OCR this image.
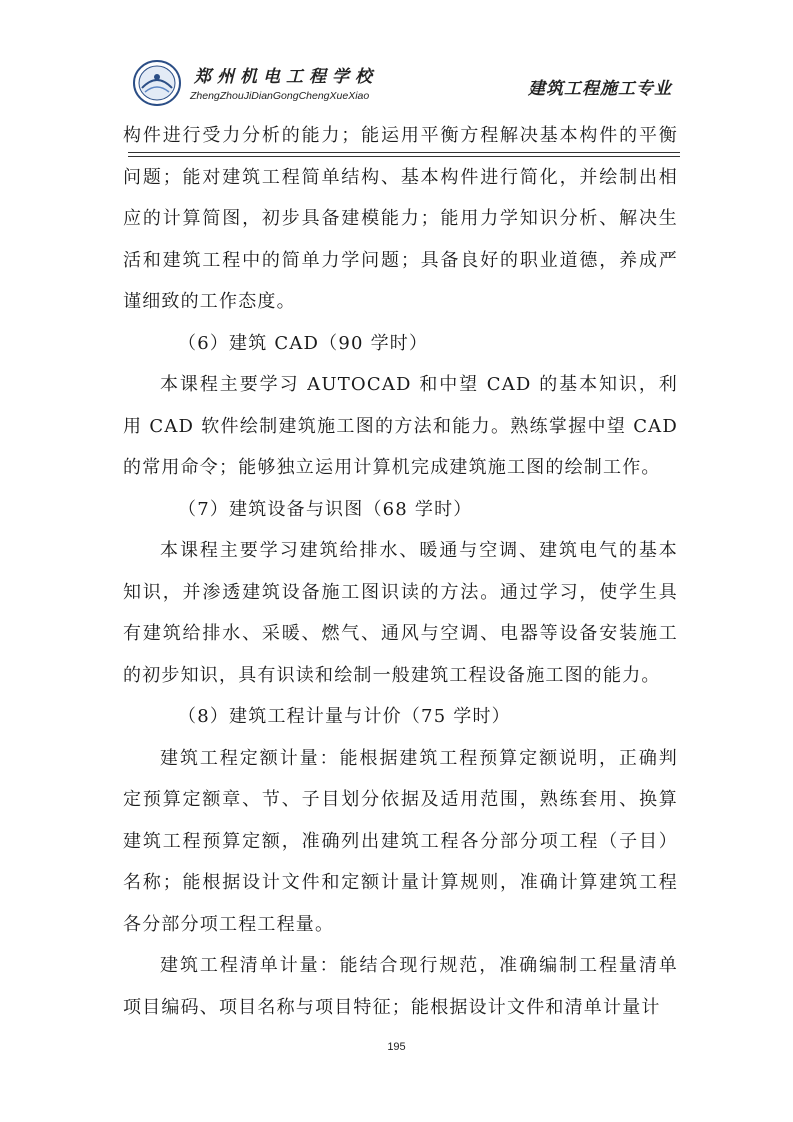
郑州机电工程学校
ZhengZhouJiDianGongChengXueXiao	建筑工程施工专业

构件进行受力分析的能力；能运用平衡方程解决基本构件的平衡问题；能对建筑工程简单结构、基本构件进行简化，并绘制出相应的计算简图，初步具备建模能力；能用力学知识分析、解决生活和建筑工程中的简单力学问题；具备良好的职业道德，养成严谨细致的工作态度。

（6）建筑 CAD（90 学时）

本课程主要学习 AUTOCAD 和中望 CAD 的基本知识，利用 CAD 软件绘制建筑施工图的方法和能力。熟练掌握中望 CAD 的常用命令；能够独立运用计算机完成建筑施工图的绘制工作。

（7）建筑设备与识图（68 学时）

本课程主要学习建筑给排水、暖通与空调、建筑电气的基本知识，并渗透建筑设备施工图识读的方法。通过学习，使学生具有建筑给排水、采暖、燃气、通风与空调、电器等设备安装施工的初步知识，具有识读和绘制一般建筑工程设备施工图的能力。

（8）建筑工程计量与计价（75 学时）

建筑工程定额计量：能根据建筑工程预算定额说明，正确判定预算定额章、节、子目划分依据及适用范围，熟练套用、换算建筑工程预算定额，准确列出建筑工程各分部分项工程（子目）名称；能根据设计文件和定额计量计算规则，准确计算建筑工程各分部分项工程工程量。

建筑工程清单计量：能结合现行规范，准确编制工程量清单项目编码、项目名称与项目特征；能根据设计文件和清单计量计

195
